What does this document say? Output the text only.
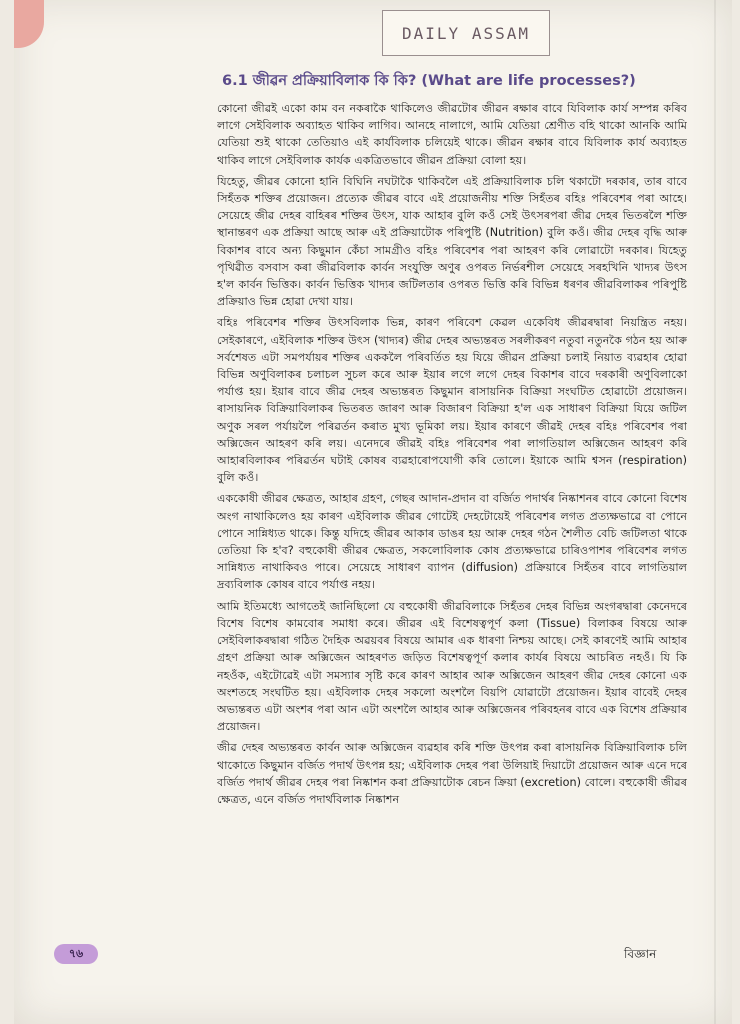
DAILY ASSAM
6.1 জীৱন প্ৰক্ৰিয়াবিলাক কি কি? (What are life processes?)

কোনো জীৱই একো কাম বন নকৰাকৈ থাকিলেও জীৱটোৰ জীৱন ৰক্ষাৰ বাবে যিবিলাক কাৰ্য সম্পন্ন কৰিব লাগে সেইবিলাক অব্যাহত থাকিব লাগিব। আনহে নালাগে, আমি যেতিয়া শ্ৰেণীত বহি থাকো আনকি আমি যেতিয়া শুই থাকো তেতিয়াও এই কাৰ্যবিলাক চলিয়েই থাকে। জীৱন ৰক্ষাৰ বাবে যিবিলাক কাৰ্য অব্যাহত থাকিব লাগে সেইবিলাক কাৰ্যক একত্ৰিতভাবে জীৱন প্ৰক্ৰিয়া বোলা হয়।

যিহেতু, জীৱৰ কোনো হানি বিঘিনি নঘটাকৈ থাকিবলৈ এই প্ৰক্ৰিয়াবিলাক চলি থকাটো দৰকাৰ, তাৰ বাবে সিহঁতক শক্তিৰ প্ৰয়োজন। প্ৰত্যেক জীৱৰ বাবে এই প্ৰয়োজনীয় শক্তি সিহঁতৰ বহিঃ পৰিবেশৰ পৰা আহে। সেয়েহে জীৱ দেহৰ বাহিৰৰ শক্তিৰ উৎস, যাক আহাৰ বুলি কওঁ সেই উৎসৰপৰা জীৱ দেহৰ ভিতৰলৈ শক্তি স্থানান্তৰণ এক প্ৰক্ৰিয়া আছে আৰু এই প্ৰক্ৰিয়াটোক পৰিপুষ্টি (Nutrition) বুলি কওঁ। জীৱ দেহৰ বৃদ্ধি আৰু বিকাশৰ বাবে অন্য কিছুমান কেঁচা সামগ্ৰীও বহিঃ পৰিবেশৰ পৰা আহৰণ কৰি লোৱাটো দৰকাৰ। যিহেতু পৃথিৱীত বসবাস কৰা জীৱবিলাক কাৰ্বন সংযুক্তি অণুৰ ওপৰত নিৰ্ভৰশীল সেয়েহে সৰহখিনি খাদ্যৰ উৎস হ'ল কাৰ্বন ভিত্তিক। কাৰ্বন ভিত্তিক খাদ্যৰ জটিলতাৰ ওপৰত ভিত্তি কৰি বিভিন্ন ধৰণৰ জীৱবিলাকৰ পৰিপুষ্টি প্ৰক্ৰিয়াও ভিন্ন হোৱা দেখা যায়।

বহিঃ পৰিবেশৰ শক্তিৰ উৎসবিলাক ভিন্ন, কাৰণ পৰিবেশ কেৱল একেবিধ জীৱৰদ্বাৰা নিয়ন্ত্ৰিত নহয়। সেইকাৰণে, এইবিলাক শক্তিৰ উৎস (খাদ্যৰ) জীৱ দেহৰ অভ্যন্তৰত সৰলীকৰণ নতুবা নতুনকৈ গঠন হয় আৰু সৰ্বশেষত এটা সমপৰ্যায়ৰ শক্তিৰ এককলৈ পৰিবৰ্তিত হয় যিয়ে জীৱন প্ৰক্ৰিয়া চলাই নিয়াত ব্যৱহাৰ হোৱা বিভিন্ন অণুবিলাকৰ চলাচল সুচল কৰে আৰু ইয়াৰ লগে লগে দেহৰ বিকাশৰ বাবে দৰকাৰী অণুবিলাকো পৰ্যাপ্ত হয়। ইয়াৰ বাবে জীৱ দেহৰ অভ্যন্তৰত কিছুমান ৰাসায়নিক বিক্ৰিয়া সংঘটিত হোৱাটো প্ৰয়োজন। ৰাসায়নিক বিক্ৰিয়াবিলাকৰ ভিতৰত জাৰণ আৰু বিজাৰণ বিক্ৰিয়া হ'ল এক সাধাৰণ বিক্ৰিয়া যিয়ে জটিল অণুক সৰল পৰ্যায়লৈ পৰিৱৰ্তন কৰাত মুখ্য ভূমিকা লয়। ইয়াৰ কাৰণে জীৱই দেহৰ বহিঃ পৰিবেশৰ পৰা অক্সিজেন আহৰণ কৰি লয়। এনেদৰে জীৱই বহিঃ পৰিবেশৰ পৰা লাগতিয়াল অক্সিজেন আহৰণ কৰি আহাৰবিলাকৰ পৰিৱৰ্তন ঘটাই কোষৰ ব্যৱহাৰোপযোগী কৰি তোলে। ইয়াকে আমি শ্বসন (respiration) বুলি কওঁ।

এককোষী জীৱৰ ক্ষেত্ৰত, আহাৰ গ্ৰহণ, গেছৰ আদান-প্ৰদান বা বৰ্জিত পদাৰ্থৰ নিষ্কাশনৰ বাবে কোনো বিশেষ অংগ নাথাকিলেও হয় কাৰণ এইবিলাক জীৱৰ গোটেই দেহটোয়েই পৰিবেশৰ লগত প্ৰত্যক্ষভাৱে বা পোনে পোনে সান্নিধ্যত থাকে। কিন্তু যদিহে জীৱৰ আকাৰ ডাঙৰ হয় আৰু দেহৰ গঠন শৈলীত বেচি জটিলতা থাকে তেতিয়া কি হ'ব? বহুকোষী জীৱৰ ক্ষেত্ৰত, সকলোবিলাক কোষ প্ৰত্যক্ষভাৱে চাৰিওপাশৰ পৰিবেশৰ লগত সান্নিধ্যত নাথাকিবও পাৰে। সেয়েহে সাধাৰণ ব্যাপন (diffusion) প্ৰক্ৰিয়াৰে সিহঁতৰ বাবে লাগতিয়াল দ্ৰব্যবিলাক কোষৰ বাবে পৰ্যাপ্ত নহয়।

আমি ইতিমধ্যে আগতেই জানিছিলো যে বহুকোষী জীৱবিলাকে সিহঁতৰ দেহৰ বিভিন্ন অংগৰদ্বাৰা কেনেদৰে বিশেষ বিশেষ কামবোৰ সমাধা কৰে। জীৱৰ এই বিশেষত্বপূৰ্ণ কলা (Tissue) বিলাকৰ বিষয়ে আৰু সেইবিলাকৰদ্বাৰা গঠিত দৈহিক অৱয়বৰ বিষয়ে আমাৰ এক ধাৰণা নিশ্চয় আছে। সেই কাৰণেই আমি আহাৰ গ্ৰহণ প্ৰক্ৰিয়া আৰু অক্সিজেন আহৰণত জড়িত বিশেষত্বপূৰ্ণ কলাৰ কাৰ্যৰ বিষয়ে আচৰিত নহওঁ। যি কি নহওঁক, এইটোৱেই এটা সমস্যাৰ সৃষ্টি কৰে কাৰণ আহাৰ আৰু অক্সিজেন আহৰণ জীৱ দেহৰ কোনো এক অংশতহে সংঘটিত হয়। এইবিলাক দেহৰ সকলো অংশলৈ বিয়পি যোৱাটো প্ৰয়োজন। ইয়াৰ বাবেই দেহৰ অভ্যন্তৰত এটা অংশৰ পৰা আন এটা অংশলৈ আহাৰ আৰু অক্সিজেনৰ পৰিবহনৰ বাবে এক বিশেষ প্ৰক্ৰিয়াৰ প্ৰয়োজন।

জীৱ দেহৰ অভ্যন্তৰত কাৰ্বন আৰু অক্সিজেন ব্যৱহাৰ কৰি শক্তি উৎপন্ন কৰা ৰাসায়নিক বিক্ৰিয়াবিলাক চলি থাকোতে কিছুমান বৰ্জিত পদাৰ্থ উৎপন্ন হয়; এইবিলাক দেহৰ পৰা উলিয়াই দিয়াটো প্ৰয়োজন আৰু এনে দৰে বৰ্জিত পদাৰ্থ জীৱৰ দেহৰ পৰা নিষ্কাশন কৰা প্ৰক্ৰিয়াটোক ৰেচন ক্ৰিয়া (excretion) বোলে। বহুকোষী জীৱৰ ক্ষেত্ৰত, এনে বৰ্জিত পদাৰ্থবিলাক নিষ্কাশন

৭৬	বিজ্ঞান
